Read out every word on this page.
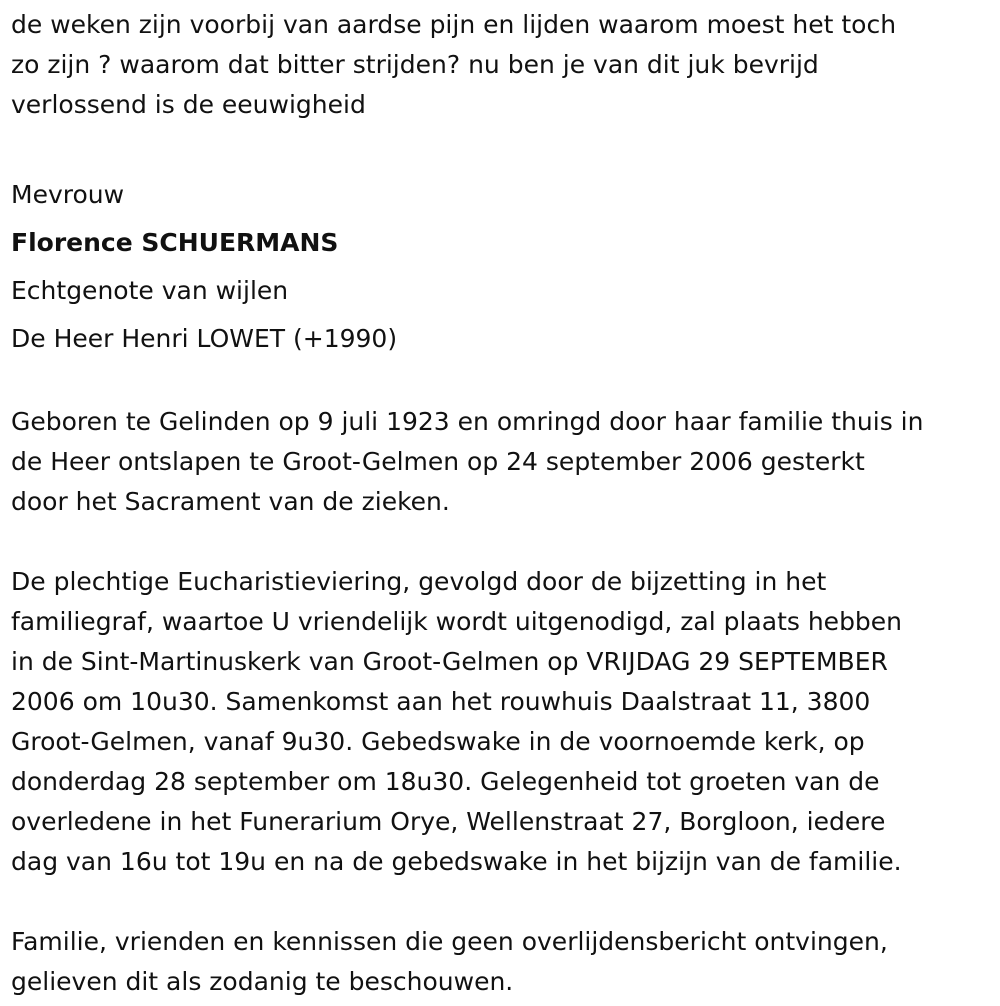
de weken zijn voorbij van aardse pijn en lijden waarom moest het toch
zo zijn ? waarom dat bitter strijden? nu ben je van dit juk bevrijd
verlossend is de eeuwigheid

Mevrouw

Florence SCHUERMANS

Echtgenote van wijlen

De Heer Henri LOWET (+1990)

Geboren te Gelinden op 9 juli 1923 en omringd door haar familie thuis in
de Heer ontslapen te Groot-Gelmen op 24 september 2006 gesterkt
door het Sacrament van de zieken.

De plechtige Eucharistieviering, gevolgd door de bijzetting in het
familiegraf, waartoe U vriendelijk wordt uitgenodigd, zal plaats hebben
in de Sint-Martinuskerk van Groot-Gelmen op VRIJDAG 29 SEPTEMBER
2006 om 10u30. Samenkomst aan het rouwhuis Daalstraat 11, 3800
Groot-Gelmen, vanaf 9u30. Gebedswake in de voornoemde kerk, op
donderdag 28 september om 18u30. Gelegenheid tot groeten van de
overledene in het Funerarium Orye, Wellenstraat 27, Borgloon, iedere
dag van 16u tot 19u en na de gebedswake in het bijzijn van de familie.

Familie, vrienden en kennissen die geen overlijdensbericht ontvingen,
gelieven dit als zodanig te beschouwen.
